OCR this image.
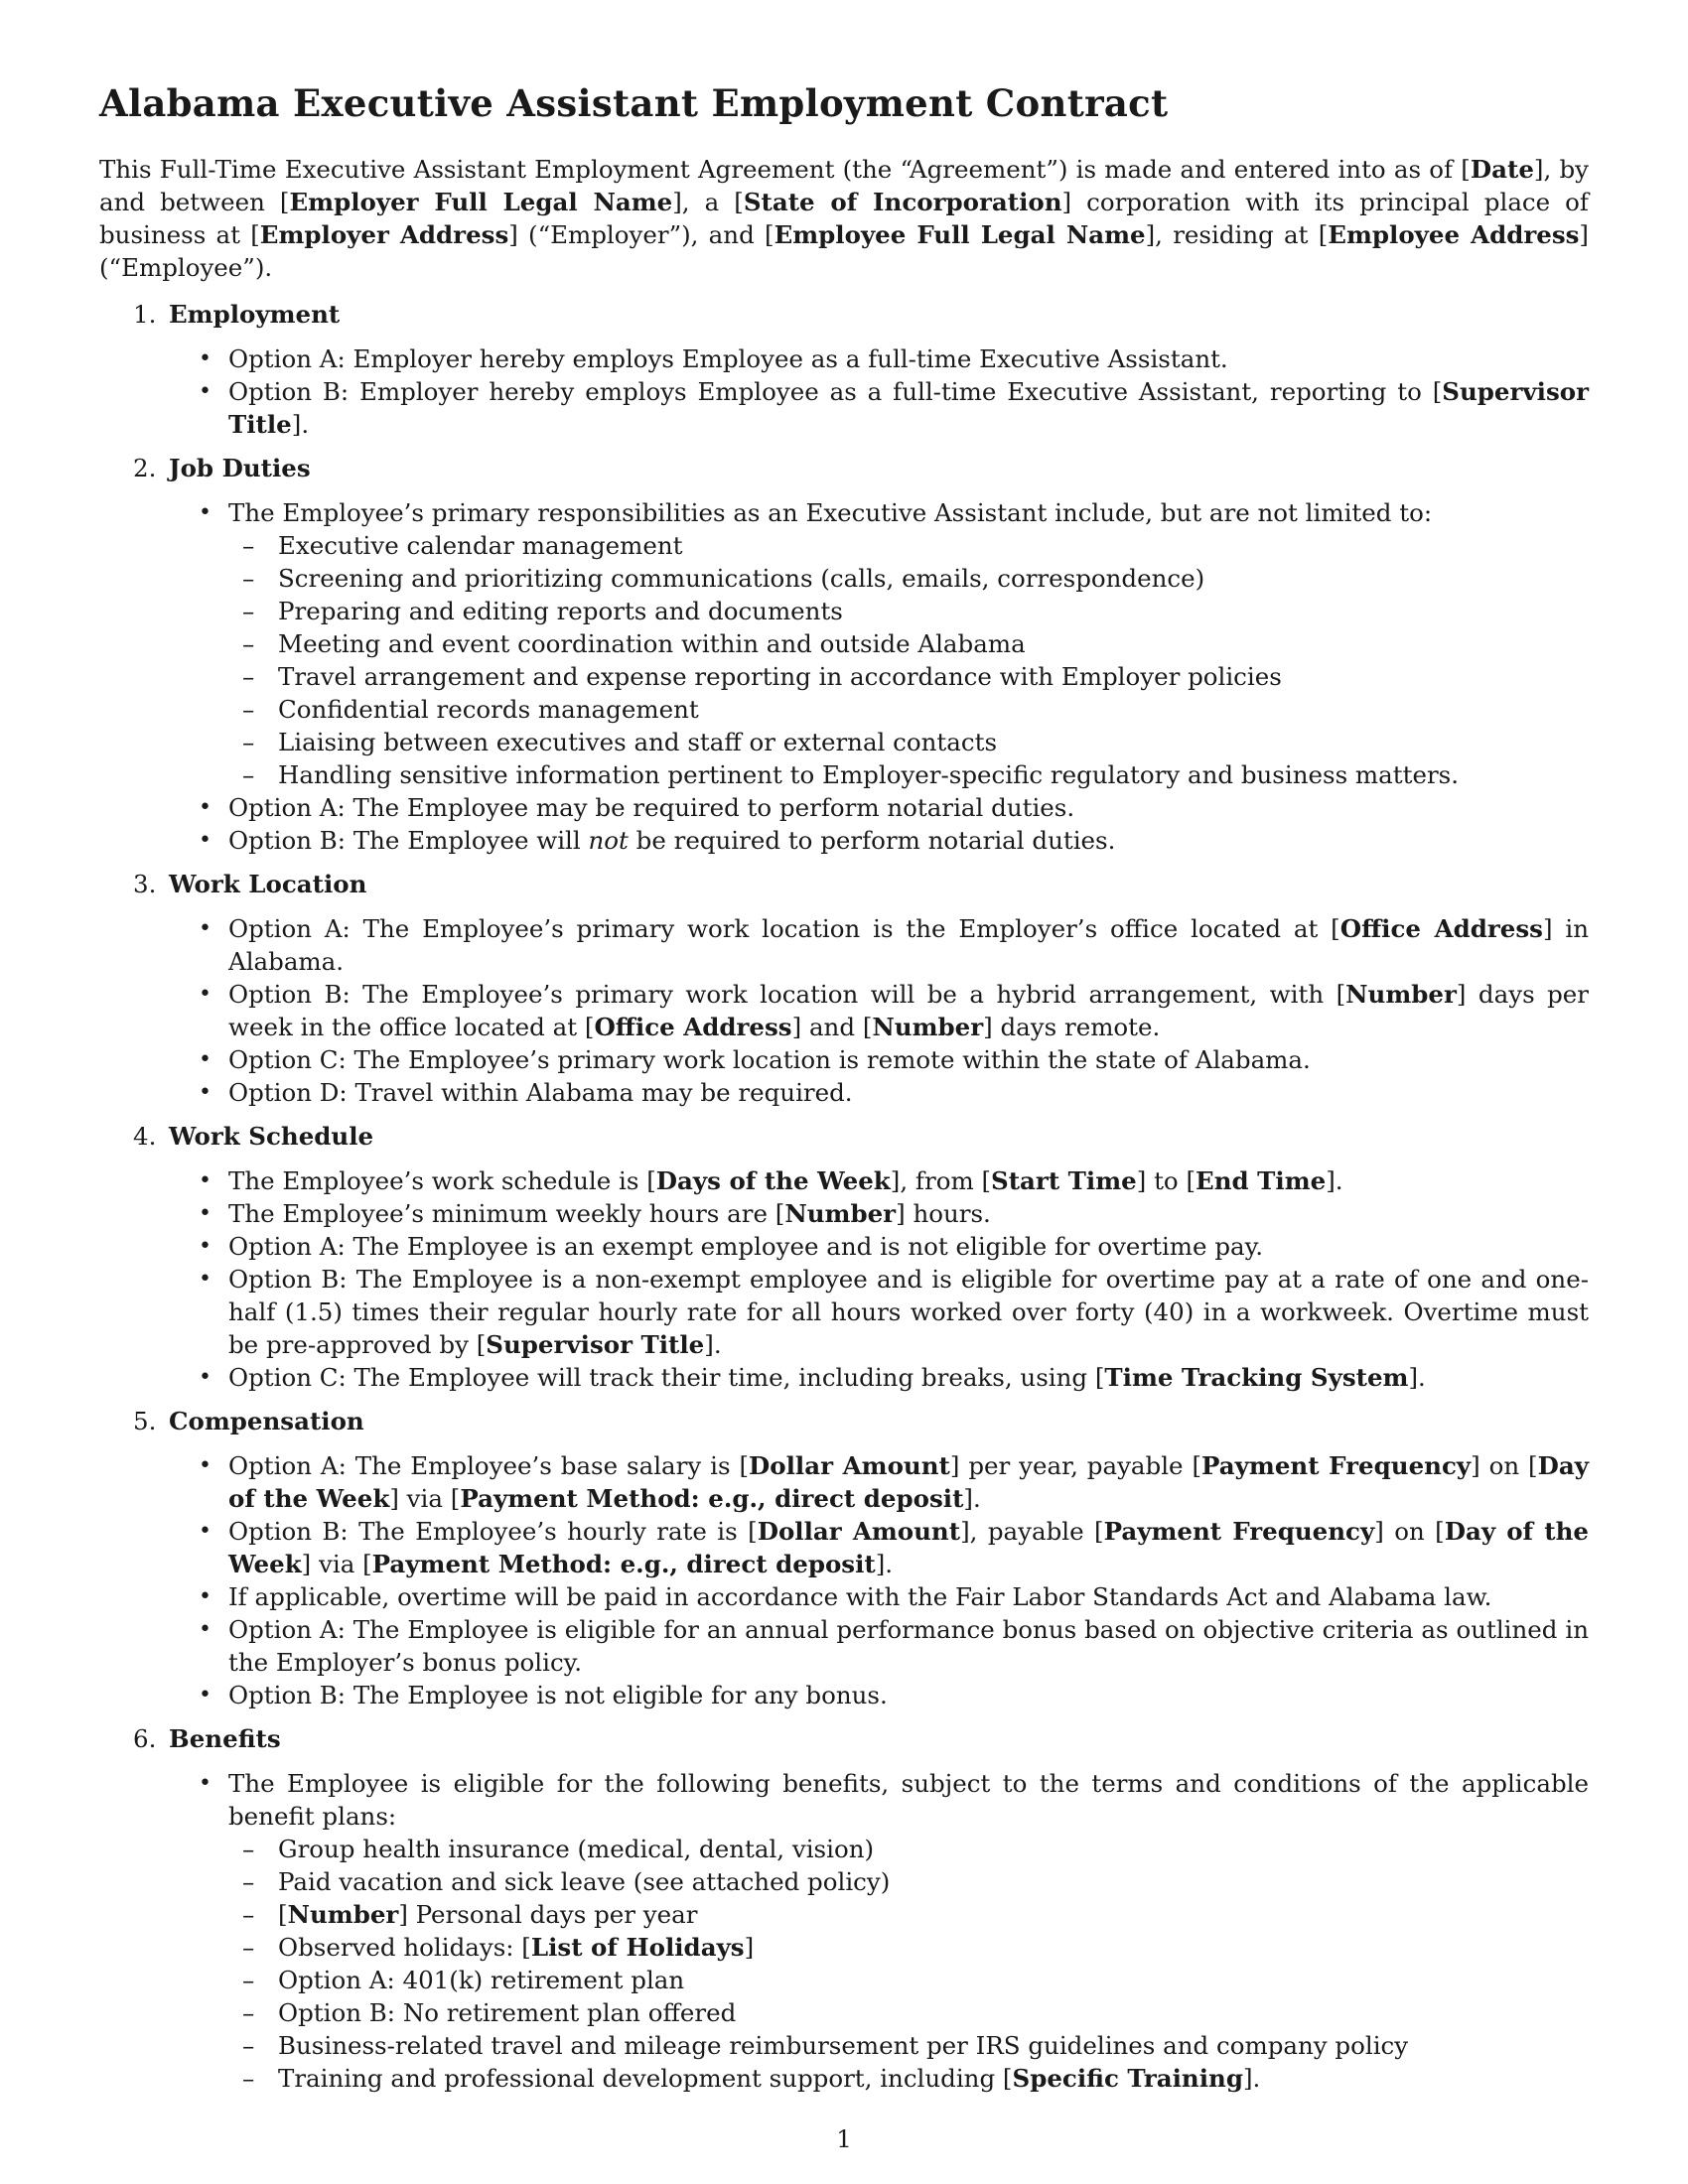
Alabama Executive Assistant Employment Contract

This Full-Time Executive Assistant Employment Agreement (the “Agreement”) is made and entered into as of [Date], by and between [Employer Full Legal Name], a [State of Incorporation] corporation with its principal place of business at [Employer Address] (“Employer”), and [Employee Full Legal Name], residing at [Employee Address] (“Employee”).

1. Employment
• Option A: Employer hereby employs Employee as a full-time Executive Assistant.
• Option B: Employer hereby employs Employee as a full-time Executive Assistant, reporting to [Supervisor Title].
2. Job Duties
• The Employee’s primary responsibilities as an Executive Assistant include, but are not limited to:
– Executive calendar management
– Screening and prioritizing communications (calls, emails, correspondence)
– Preparing and editing reports and documents
– Meeting and event coordination within and outside Alabama
– Travel arrangement and expense reporting in accordance with Employer policies
– Confidential records management
– Liaising between executives and staff or external contacts
– Handling sensitive information pertinent to Employer-specific regulatory and business matters.
• Option A: The Employee may be required to perform notarial duties.
• Option B: The Employee will not be required to perform notarial duties.
3. Work Location
• Option A: The Employee’s primary work location is the Employer’s office located at [Office Address] in Alabama.
• Option B: The Employee’s primary work location will be a hybrid arrangement, with [Number] days per week in the office located at [Office Address] and [Number] days remote.
• Option C: The Employee’s primary work location is remote within the state of Alabama.
• Option D: Travel within Alabama may be required.
4. Work Schedule
• The Employee’s work schedule is [Days of the Week], from [Start Time] to [End Time].
• The Employee’s minimum weekly hours are [Number] hours.
• Option A: The Employee is an exempt employee and is not eligible for overtime pay.
• Option B: The Employee is a non-exempt employee and is eligible for overtime pay at a rate of one and one-half (1.5) times their regular hourly rate for all hours worked over forty (40) in a workweek. Overtime must be pre-approved by [Supervisor Title].
• Option C: The Employee will track their time, including breaks, using [Time Tracking System].
5. Compensation
• Option A: The Employee’s base salary is [Dollar Amount] per year, payable [Payment Frequency] on [Day of the Week] via [Payment Method: e.g., direct deposit].
• Option B: The Employee’s hourly rate is [Dollar Amount], payable [Payment Frequency] on [Day of the Week] via [Payment Method: e.g., direct deposit].
• If applicable, overtime will be paid in accordance with the Fair Labor Standards Act and Alabama law.
• Option A: The Employee is eligible for an annual performance bonus based on objective criteria as outlined in the Employer’s bonus policy.
• Option B: The Employee is not eligible for any bonus.
6. Benefits
• The Employee is eligible for the following benefits, subject to the terms and conditions of the applicable benefit plans:
– Group health insurance (medical, dental, vision)
– Paid vacation and sick leave (see attached policy)
– [Number] Personal days per year
– Observed holidays: [List of Holidays]
– Option A: 401(k) retirement plan
– Option B: No retirement plan offered
– Business-related travel and mileage reimbursement per IRS guidelines and company policy
– Training and professional development support, including [Specific Training].
1
